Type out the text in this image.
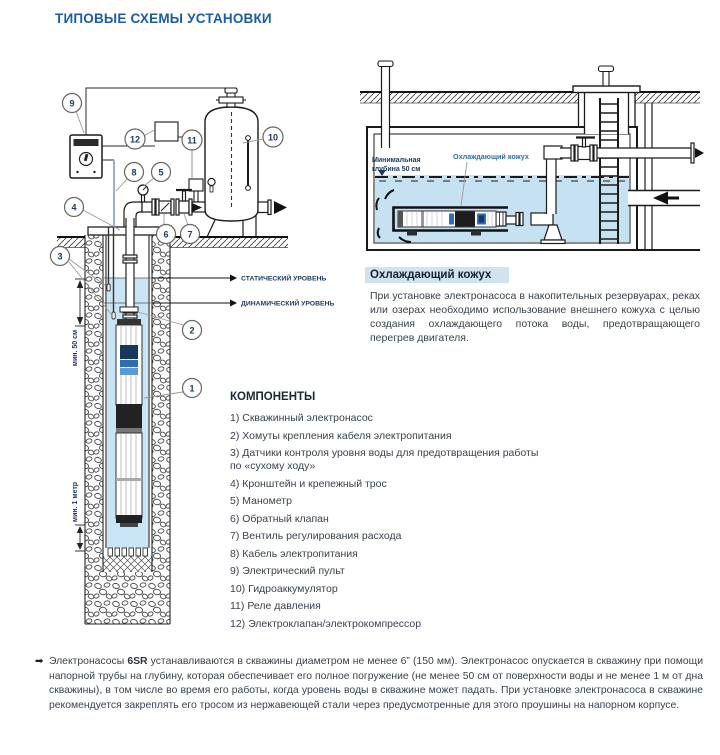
ТИПОВЫЕ СХЕМЫ УСТАНОВКИ
мин. 50 см
мин. 1 метр
СТАТИЧЕСКИЙ УРОВЕНЬ
ДИНАМИЧЕСКИЙ УРОВЕНЬ
1
2
3
4
5
6 7
8
9
10
11
12
Минимальная
глубина 50 см
Охлаждающий кожух
Охлаждающий кожух
При установке электронасоса в накопительных резервуарах, реках или озерах необходимо использование внешнего кожуха с целью создания охлаждающего потока воды, предотвращающего перегрев двигателя.
КОМПОНЕНТЫ
1) Скважинный электронасос
2) Хомуты крепления кабеля электропитания
3) Датчики контроля уровня воды для предотвращения работы по «сухому ходу»
4) Кронштейн и крепежный трос
5) Манометр
6) Обратный клапан
7) Вентиль регулирования расхода
8) Кабель электропитания
9) Электрический пульт
10) Гидроаккумулятор
11) Реле давления
12) Электроклапан/электрокомпрессор
➡ Электронасосы 6SR устанавливаются в скважины диаметром не менее 6” (150 мм). Электронасос опускается в скважину при помощи напорной трубы на глубину, которая обеспечивает его полное погружение (не менее 50 см от поверхности воды и не менее 1 м от дна скважины), в том числе во время его работы, когда уровень воды в скважине может падать. При установке электронасоса в скважине рекомендуется закреплять его тросом из нержавеющей стали через предусмотренные для этого проушины на напорном корпусе.
